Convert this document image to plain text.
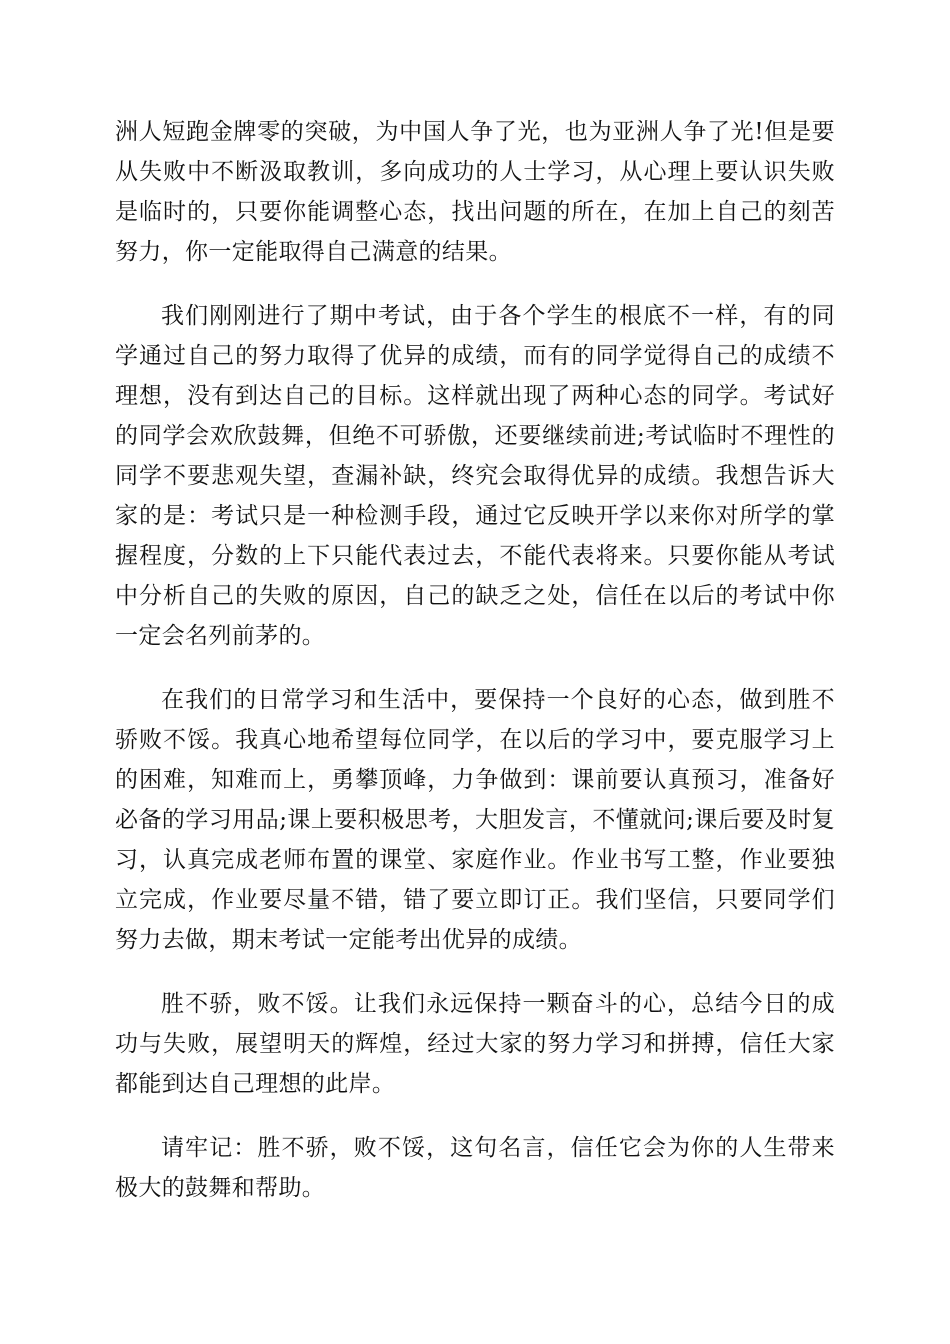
洲人短跑金牌零的突破，为中国人争了光，也为亚洲人争了光!但是要从失败中不断汲取教训，多向成功的人士学习，从心理上要认识失败是临时的，只要你能调整心态，找出问题的所在，在加上自己的刻苦努力，你一定能取得自己满意的结果。

我们刚刚进行了期中考试，由于各个学生的根底不一样，有的同学通过自己的努力取得了优异的成绩，而有的同学觉得自己的成绩不理想，没有到达自己的目标。这样就出现了两种心态的同学。考试好的同学会欢欣鼓舞，但绝不可骄傲，还要继续前进;考试临时不理性的同学不要悲观失望，查漏补缺，终究会取得优异的成绩。我想告诉大家的是：考试只是一种检测手段，通过它反映开学以来你对所学的掌握程度，分数的上下只能代表过去，不能代表将来。只要你能从考试中分析自己的失败的原因，自己的缺乏之处，信任在以后的考试中你一定会名列前茅的。

在我们的日常学习和生活中，要保持一个良好的心态，做到胜不骄败不馁。我真心地希望每位同学，在以后的学习中，要克服学习上的困难，知难而上，勇攀顶峰，力争做到：课前要认真预习，准备好必备的学习用品;课上要积极思考，大胆发言，不懂就问;课后要及时复习，认真完成老师布置的课堂、家庭作业。作业书写工整，作业要独立完成，作业要尽量不错，错了要立即订正。我们坚信，只要同学们努力去做，期末考试一定能考出优异的成绩。

胜不骄，败不馁。让我们永远保持一颗奋斗的心，总结今日的成功与失败，展望明天的辉煌，经过大家的努力学习和拼搏，信任大家都能到达自己理想的此岸。

请牢记：胜不骄，败不馁，这句名言，信任它会为你的人生带来极大的鼓舞和帮助。
